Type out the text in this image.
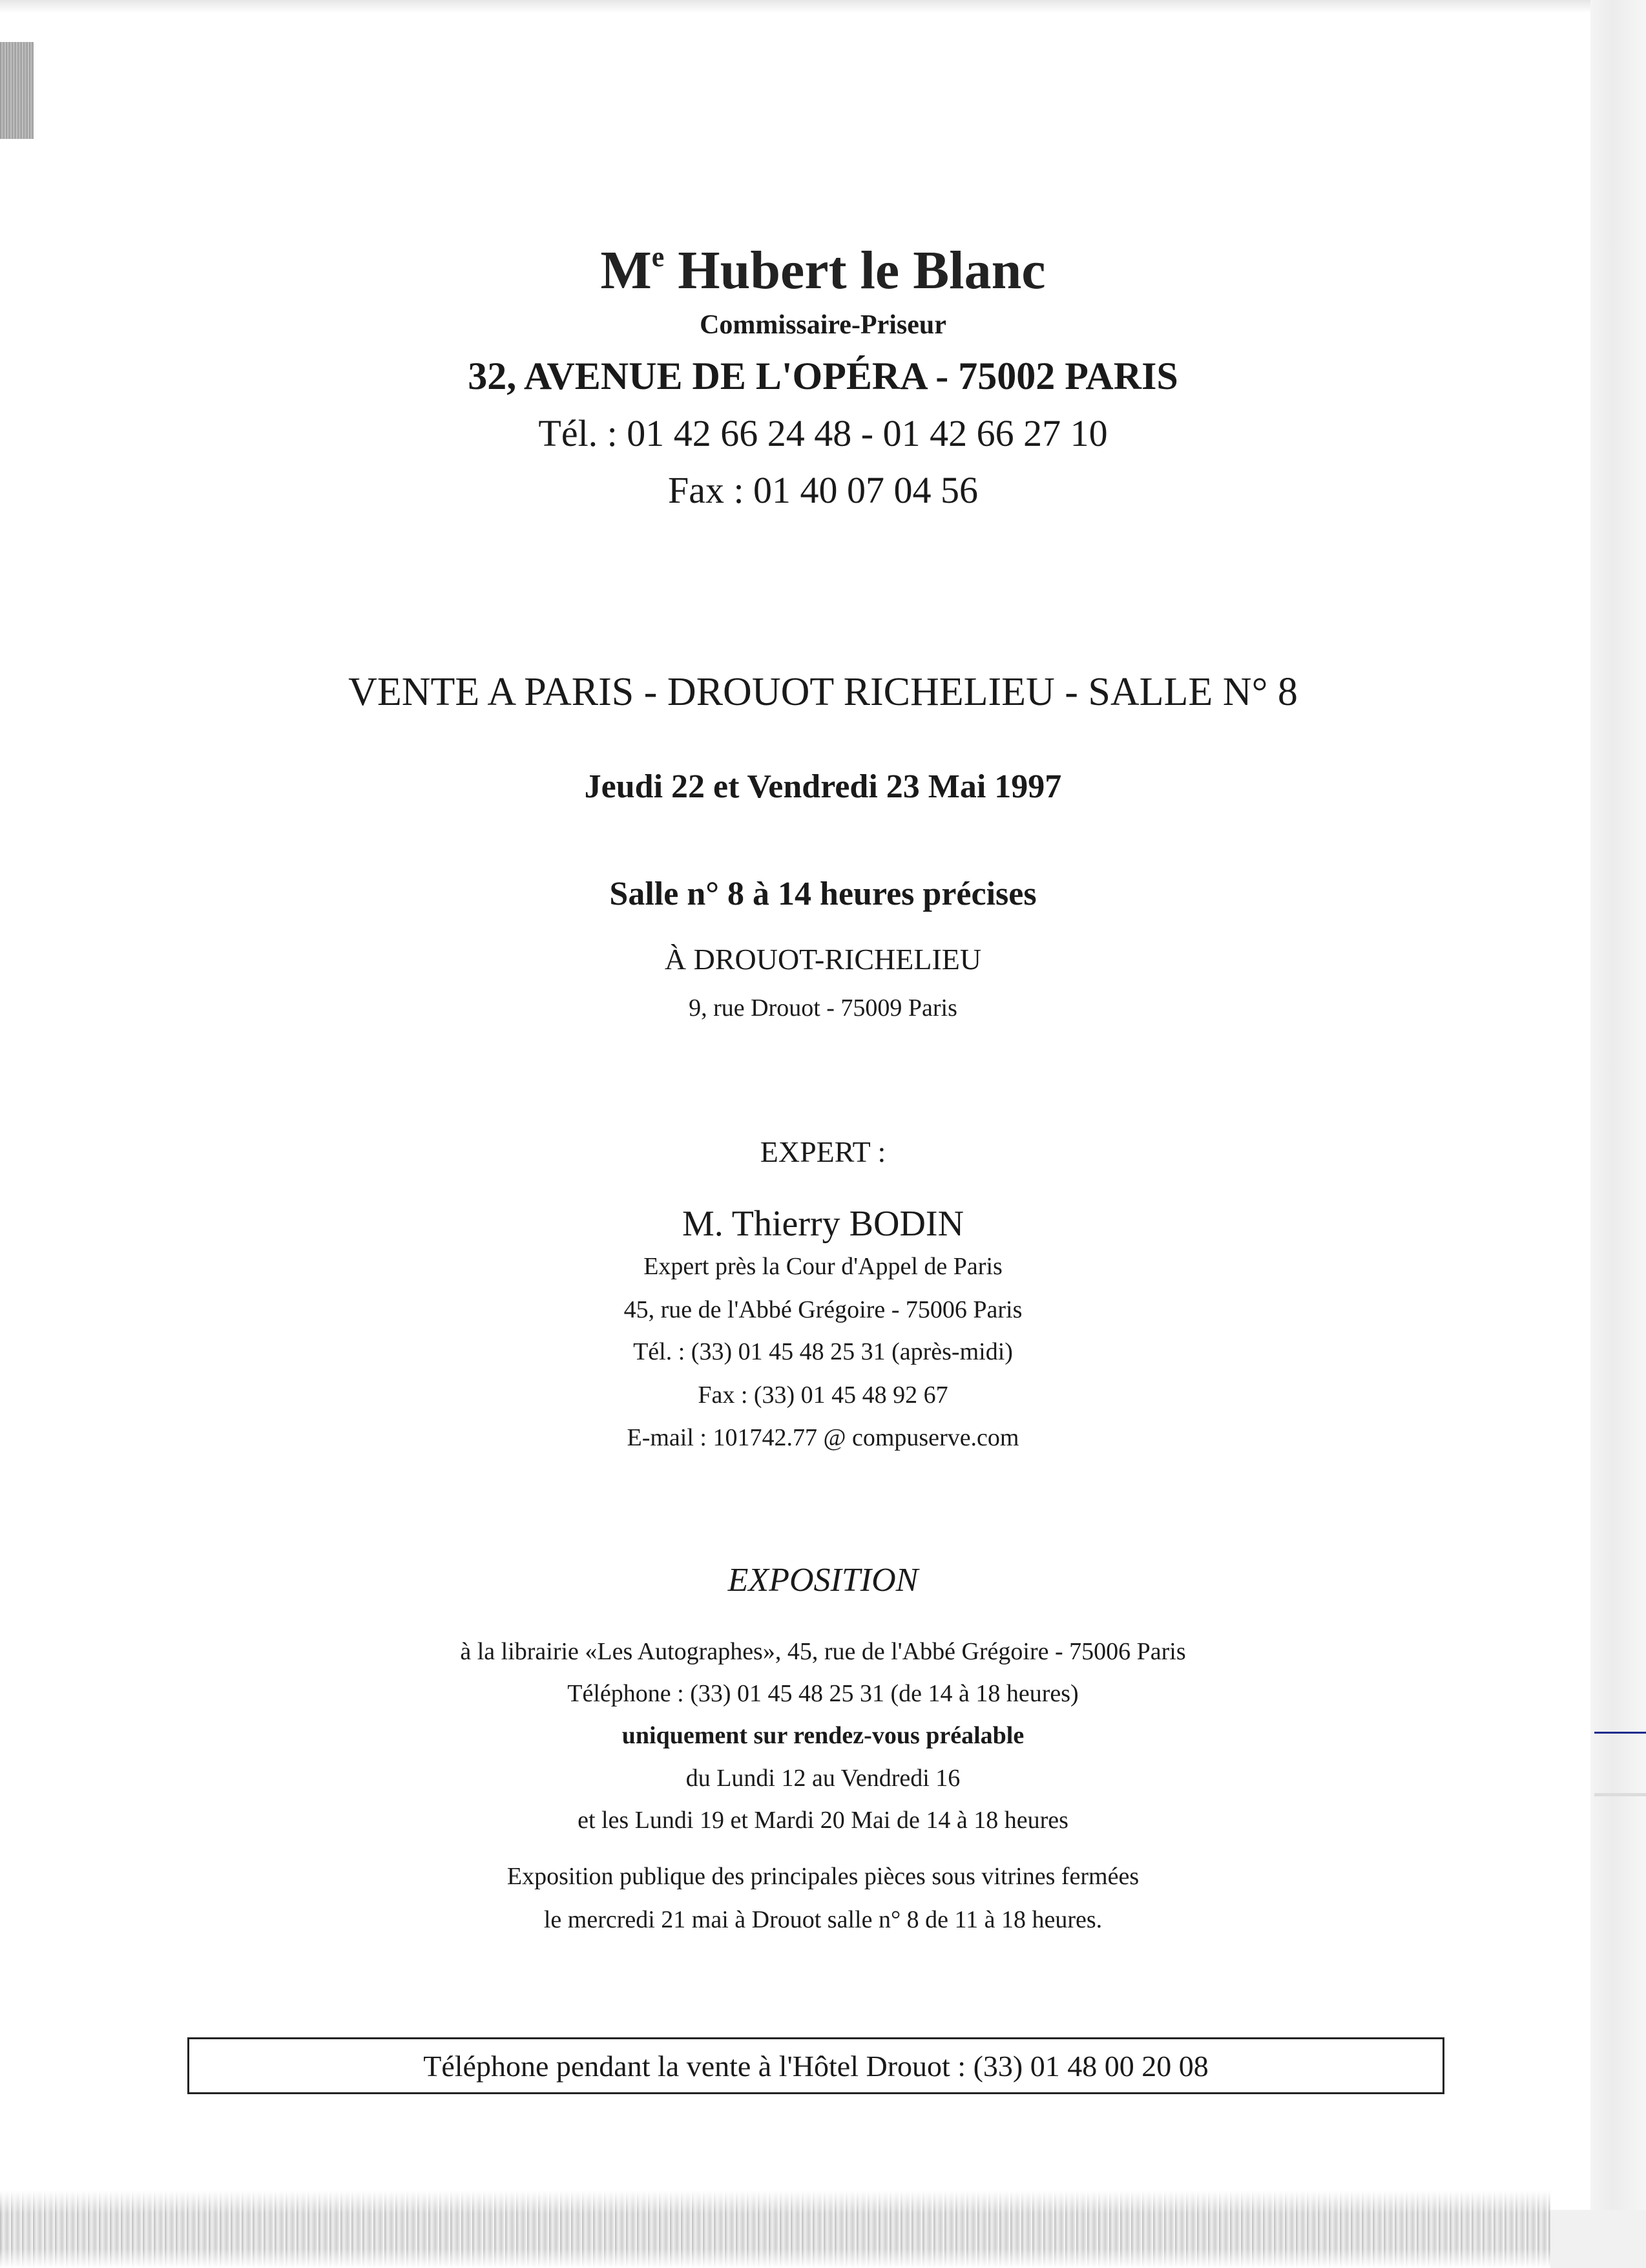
Me Hubert le Blanc
Commissaire-Priseur
32, AVENUE DE L'OPÉRA - 75002 PARIS
Tél. : 01 42 66 24 48 - 01 42 66 27 10
Fax : 01 40 07 04 56
VENTE A PARIS - DROUOT RICHELIEU - SALLE N° 8
Jeudi 22 et Vendredi 23 Mai 1997
Salle n° 8 à 14 heures précises
À DROUOT-RICHELIEU
9, rue Drouot - 75009 Paris
EXPERT :
M. Thierry BODIN
Expert près la Cour d'Appel de Paris
45, rue de l'Abbé Grégoire - 75006 Paris
Tél. : (33) 01 45 48 25 31 (après-midi)
Fax : (33) 01 45 48 92 67
E-mail : 101742.77 @ compuserve.com
EXPOSITION
à la librairie «Les Autographes», 45, rue de l'Abbé Grégoire - 75006 Paris
Téléphone : (33) 01 45 48 25 31 (de 14 à 18 heures)
uniquement sur rendez-vous préalable
du Lundi 12 au Vendredi 16
et les Lundi 19 et Mardi 20 Mai de 14 à 18 heures
Exposition publique des principales pièces sous vitrines fermées
le mercredi 21 mai à Drouot salle n° 8 de 11 à 18 heures.
Téléphone pendant la vente à l'Hôtel Drouot : (33) 01 48 00 20 08
